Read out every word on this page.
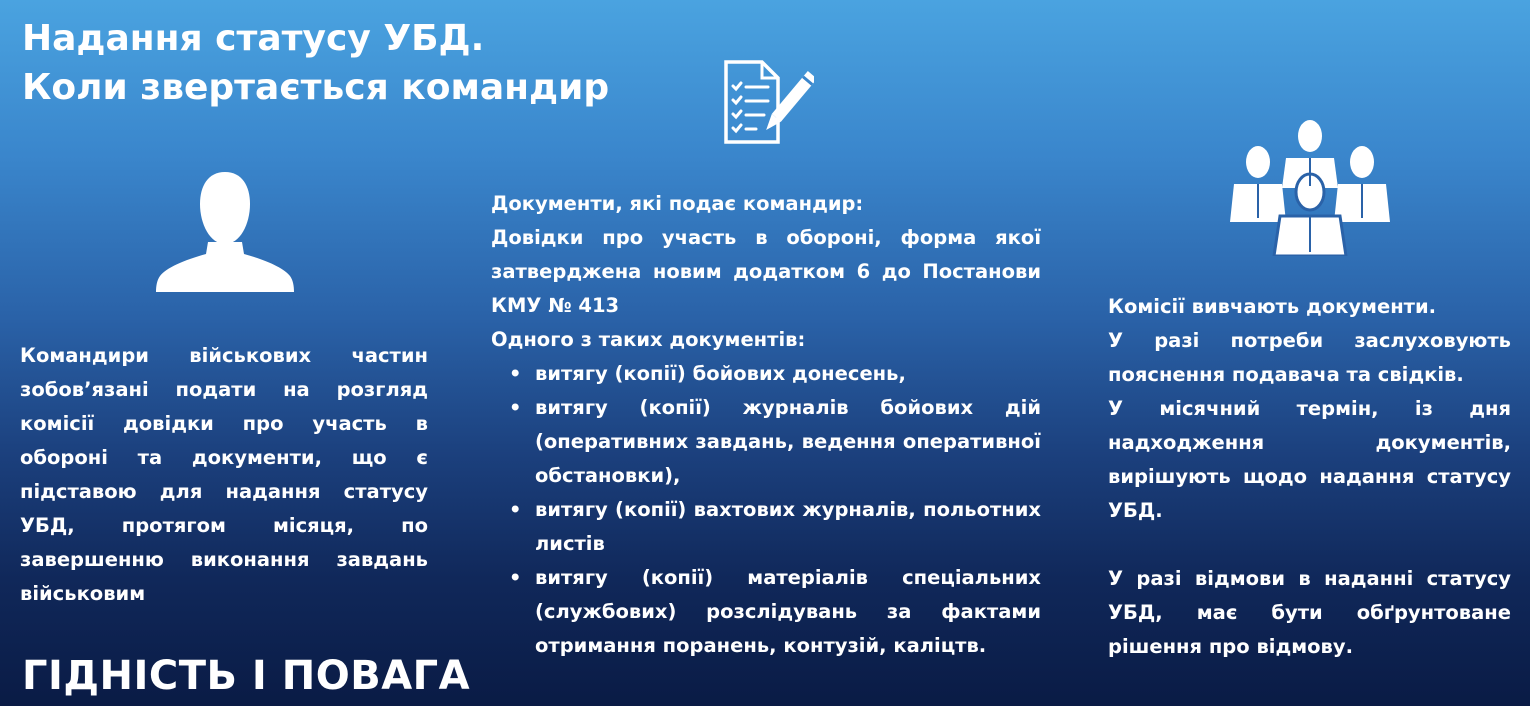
Надання статусу УБД.
Коли звертається командир
Командири військових частин зобов’язані подати на розгляд комісії довідки про участь в обороні та документи, що є підставою для надання статусу УБД, протягом місяця, по завершенню виконання завдань військовим

Документи, які подає командир:

Довідки про участь в обороні, форма якої затверджена новим додатком 6 до Постанови КМУ № 413

Одного з таких документів:

• витягу (копії) бойових донесень,
• витягу (копії) журналів бойових дій (оперативних завдань, ведення оперативної обстановки),
• витягу (копії) вахтових журналів, польотних листів
• витягу (копії) матеріалів спеціальних (службових) розслідувань за фактами отримання поранень, контузій, каліцтв.

Комісії вивчають документи.

У разі потреби заслуховують пояснення подавача та свідків.

У місячний термін, із дня надходження документів, вирішують щодо надання статусу УБД.

У разі відмови в наданні статусу УБД, має бути обґрунтоване рішення про відмову.

ГІДНІСТЬ І ПОВАГА
